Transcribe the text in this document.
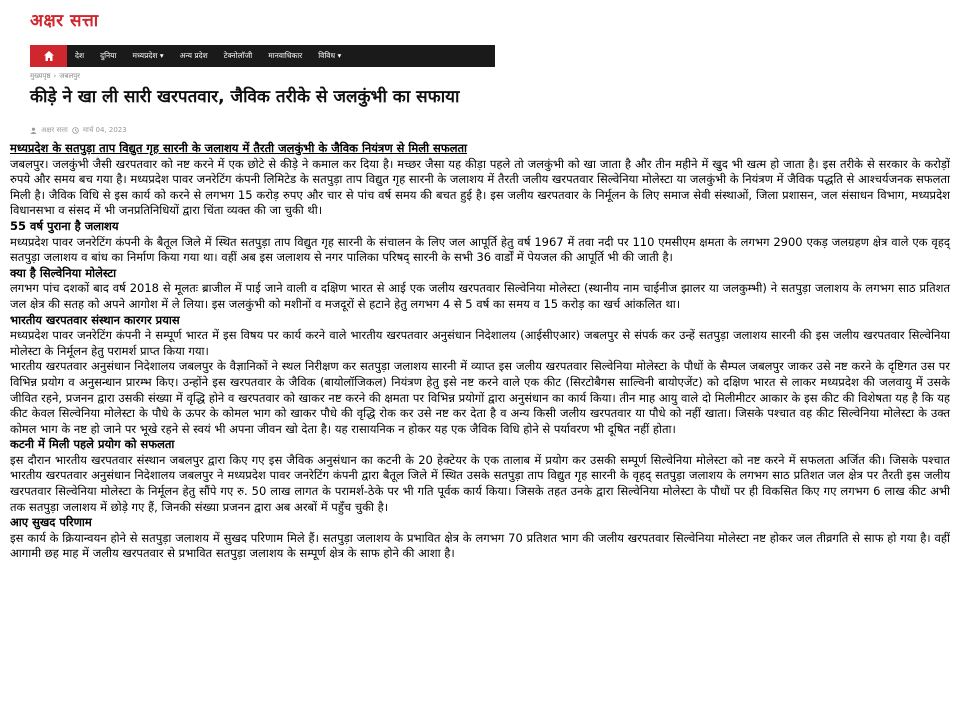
अक्षर सत्ता
देश	दुनिया	मध्यप्रदेश ▾	अन्य प्रदेश	टेक्नोलॉजी	मानवाधिकार	विविध ▾
मुख्यपृष्ठ › जबलपुर
कीड़े ने खा ली सारी खरपतवार, जैविक तरीके से जलकुंभी का सफाया
अक्षर सत्ता मार्च 04, 2023
मध्यप्रदेश के सतपुड़ा ताप विद्युत गृह सारनी के जलाशय में तैरती जलकुंभी के जैविक नियंत्रण से मिली सफलता

जबलपुर। जलकुंभी जैसी खरपतवार को नष्ट करने में एक छोटे से कीड़े ने कमाल कर दिया है। मच्छर जैसा यह कीड़ा पहले तो जलकुंभी को खा जाता है और तीन महीने में खुद भी खत्म हो जाता है। इस तरीके से सरकार के करोड़ों रुपये और समय बच गया है। मध्यप्रदेश पावर जनरेटिंग कंपनी लिमिटेड के सतपुड़ा ताप विद्युत गृह सारनी के जलाशय में तैरती जलीय खरपतवार सिल्वेनिया मोलेस्टा या जलकुंभी के नियंत्रण में जैविक पद्धति से आश्चर्यजनक सफलता मिली है। जैविक विधि से इस कार्य को करने से लगभग 15 करोड़ रुपए और चार से पांच वर्ष समय की बचत हुई है। इस जलीय खरपतवार के निर्मूलन के लिए समाज सेवी संस्थाओं, जिला प्रशासन, जल संसाधन विभाग, मध्यप्रदेश विधानसभा व संसद में भी जनप्रतिनिधियों द्वारा चिंता व्यक्त की जा चुकी थी।

55 वर्ष पुराना है जलाशय

मध्यप्रदेश पावर जनरेटिंग कंपनी के बैतूल जिले में स्थित सतपुड़ा ताप विद्युत गृह सारनी के संचालन के लिए जल आपूर्ति हेतु वर्ष 1967 में तवा नदी पर 110 एमसीएम क्षमता के लगभग 2900 एकड़ जलग्रहण क्षेत्र वाले एक वृहद् सतपुड़ा जलाशय व बांध का निर्माण किया गया था। वहीं अब इस जलाशय से नगर पालिका परिषद् सारनी के सभी 36 वार्डों में पेयजल की आपूर्ति भी की जाती है।

क्या है सिल्वेनिया मोलेस्टा

लगभग पांच दशकों बाद वर्ष 2018 से मूलतः ब्राजील में पाई जाने वाली व दक्षिण भारत से आई एक जलीय खरपतवार सिल्वेनिया मोलेस्टा (स्थानीय नाम चाईनीज झालर या जलकुम्भी) ने सतपुड़ा जलाशय के लगभग साठ प्रतिशत जल क्षेत्र की सतह को अपने आगोश में ले लिया। इस जलकुंभी को मशीनों व मजदूरों से हटाने हेतु लगभग 4 से 5 वर्ष का समय व 15 करोड़ का खर्च आंकलित था।

भारतीय खरपतवार संस्थान कारगर प्रयास

मध्यप्रदेश पावर जनरेटिंग कंपनी ने सम्पूर्ण भारत में इस विषय पर कार्य करने वाले भारतीय खरपतवार अनुसंधान निदेशालय (आईसीएआर) जबलपुर से संपर्क कर उन्हें सतपुड़ा जलाशय सारनी की इस जलीय खरपतवार सिल्वेनिया मोलेस्टा के निर्मूलन हेतु परामर्श प्राप्त किया गया।

भारतीय खरपतवार अनुसंधान निदेशालय जबलपुर के वैज्ञानिकों ने स्थल निरीक्षण कर सतपुड़ा जलाशय सारनी में व्याप्त इस जलीय खरपतवार सिल्वेनिया मोलेस्टा के पौधों के सैम्पल जबलपुर जाकर उसे नष्ट करने के दृष्टिगत उस पर विभिन्न प्रयोग व अनुसन्धान प्रारम्भ किए। उन्होंने इस खरपतवार के जैविक (बायोलॉजिकल) नियंत्रण हेतु इसे नष्ट करने वाले एक कीट (सिरटोबैगस साल्विनी बायोएजेंट) को दक्षिण भारत से लाकर मध्यप्रदेश की जलवायु में उसके जीवित रहने, प्रजनन द्वारा उसकी संख्या में वृद्धि होने व खरपतवार को खाकर नष्ट करने की क्षमता पर विभिन्न प्रयोगों द्वारा अनुसंधान का कार्य किया। तीन माह आयु वाले दो मिलीमीटर आकार के इस कीट की विशेषता यह है कि यह कीट केवल सिल्वेनिया मोलेस्टा के पौधे के ऊपर के कोमल भाग को खाकर पौधे की वृद्धि रोक कर उसे नष्ट कर देता है व अन्य किसी जलीय खरपतवार या पौधे को नहीं खाता। जिसके पश्चात वह कीट सिल्वेनिया मोलेस्टा के उक्त कोमल भाग के नष्ट हो जाने पर भूखे रहने से स्वयं भी अपना जीवन खो देता है। यह रासायनिक न होकर यह एक जैविक विधि होने से पर्यावरण भी दूषित नहीं होता।

कटनी में मिली पहले प्रयोग को सफलता

इस दौरान भारतीय खरपतवार संस्थान जबलपुर द्वारा किए गए इस जैविक अनुसंधान का कटनी के 20 हेक्टेयर के एक तालाब में प्रयोग कर उसकी सम्पूर्ण सिल्वेनिया मोलेस्टा को नष्ट करने में सफलता अर्जित की। जिसके पश्चात भारतीय खरपतवार अनुसंधान निदेशालय जबलपुर ने मध्यप्रदेश पावर जनरेटिंग कंपनी द्वारा बैतूल जिले में स्थित उसके सतपुड़ा ताप विद्युत गृह सारनी के वृहद् सतपुड़ा जलाशय के लगभग साठ प्रतिशत जल क्षेत्र पर तैरती इस जलीय खरपतवार सिल्वेनिया मोलेस्टा के निर्मूलन हेतु सौंपे गए रु. 50 लाख लागत के परामर्श-ठेके पर भी गति पूर्वक कार्य किया। जिसके तहत उनके द्वारा सिल्वेनिया मोलेस्टा के पौधों पर ही विकसित किए गए लगभग 6 लाख कीट अभी तक सतपुड़ा जलाशय में छोड़े गए हैं, जिनकी संख्या प्रजनन द्वारा अब अरबों में पहुँच चुकी है।

आए सुखद परिणाम

इस कार्य के क्रियान्वयन होने से सतपुड़ा जलाशय में सुखद परिणाम मिले हैं। सतपुड़ा जलाशय के प्रभावित क्षेत्र के लगभग 70 प्रतिशत भाग की जलीय खरपतवार सिल्वेनिया मोलेस्टा नष्ट होकर जल तीव्रगति से साफ हो गया है। वहीं आगामी छह माह में जलीय खरपतवार से प्रभावित सतपुड़ा जलाशय के सम्पूर्ण क्षेत्र के साफ होने की आशा है।
